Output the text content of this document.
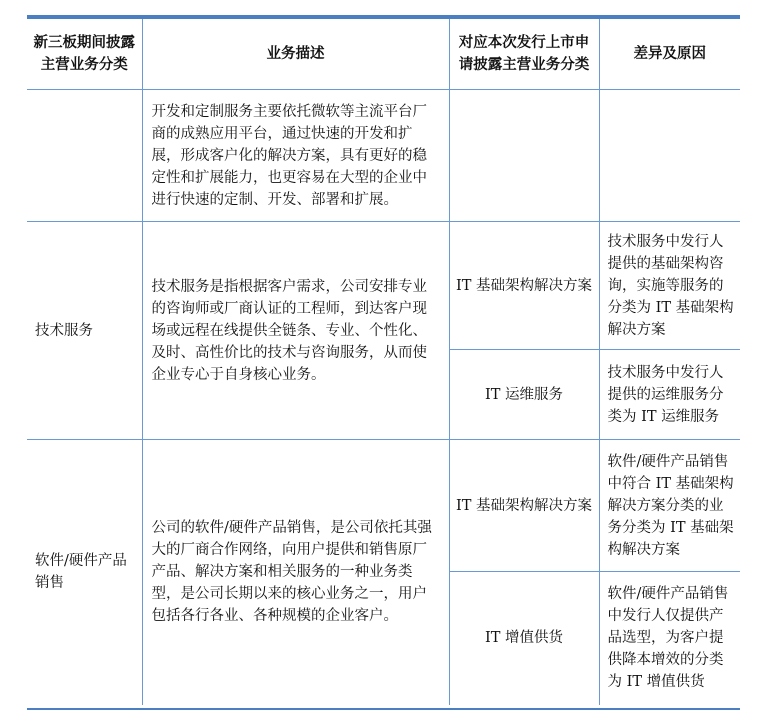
新三板期间披露主营业务分类	业务描述	对应本次发行上市申请披露主营业务分类	差异及原因
	开发和定制服务主要依托微软等主流平台厂商的成熟应用平台，通过快速的开发和扩展，形成客户化的解决方案，具有更好的稳定性和扩展能力，也更容易在大型的企业中进行快速的定制、开发、部署和扩展。		
技术服务	技术服务是指根据客户需求，公司安排专业的咨询师或厂商认证的工程师，到达客户现场或远程在线提供全链条、专业、个性化、及时、高性价比的技术与咨询服务，从而使企业专心于自身核心业务。	IT 基础架构解决方案	技术服务中发行人提供的基础架构咨询，实施等服务的分类为 IT 基础架构解决方案
		IT 运维服务	技术服务中发行人提供的运维服务分类为 IT 运维服务
软件/硬件产品销售	公司的软件/硬件产品销售，是公司依托其强大的厂商合作网络，向用户提供和销售原厂产品、解决方案和相关服务的一种业务类型，是公司长期以来的核心业务之一，用户包括各行各业、各种规模的企业客户。	IT 基础架构解决方案	软件/硬件产品销售中符合 IT 基础架构解决方案分类的业务分类为 IT 基础架构解决方案
		IT 增值供货	软件/硬件产品销售中发行人仅提供产品选型，为客户提供降本增效的分类为 IT 增值供货
